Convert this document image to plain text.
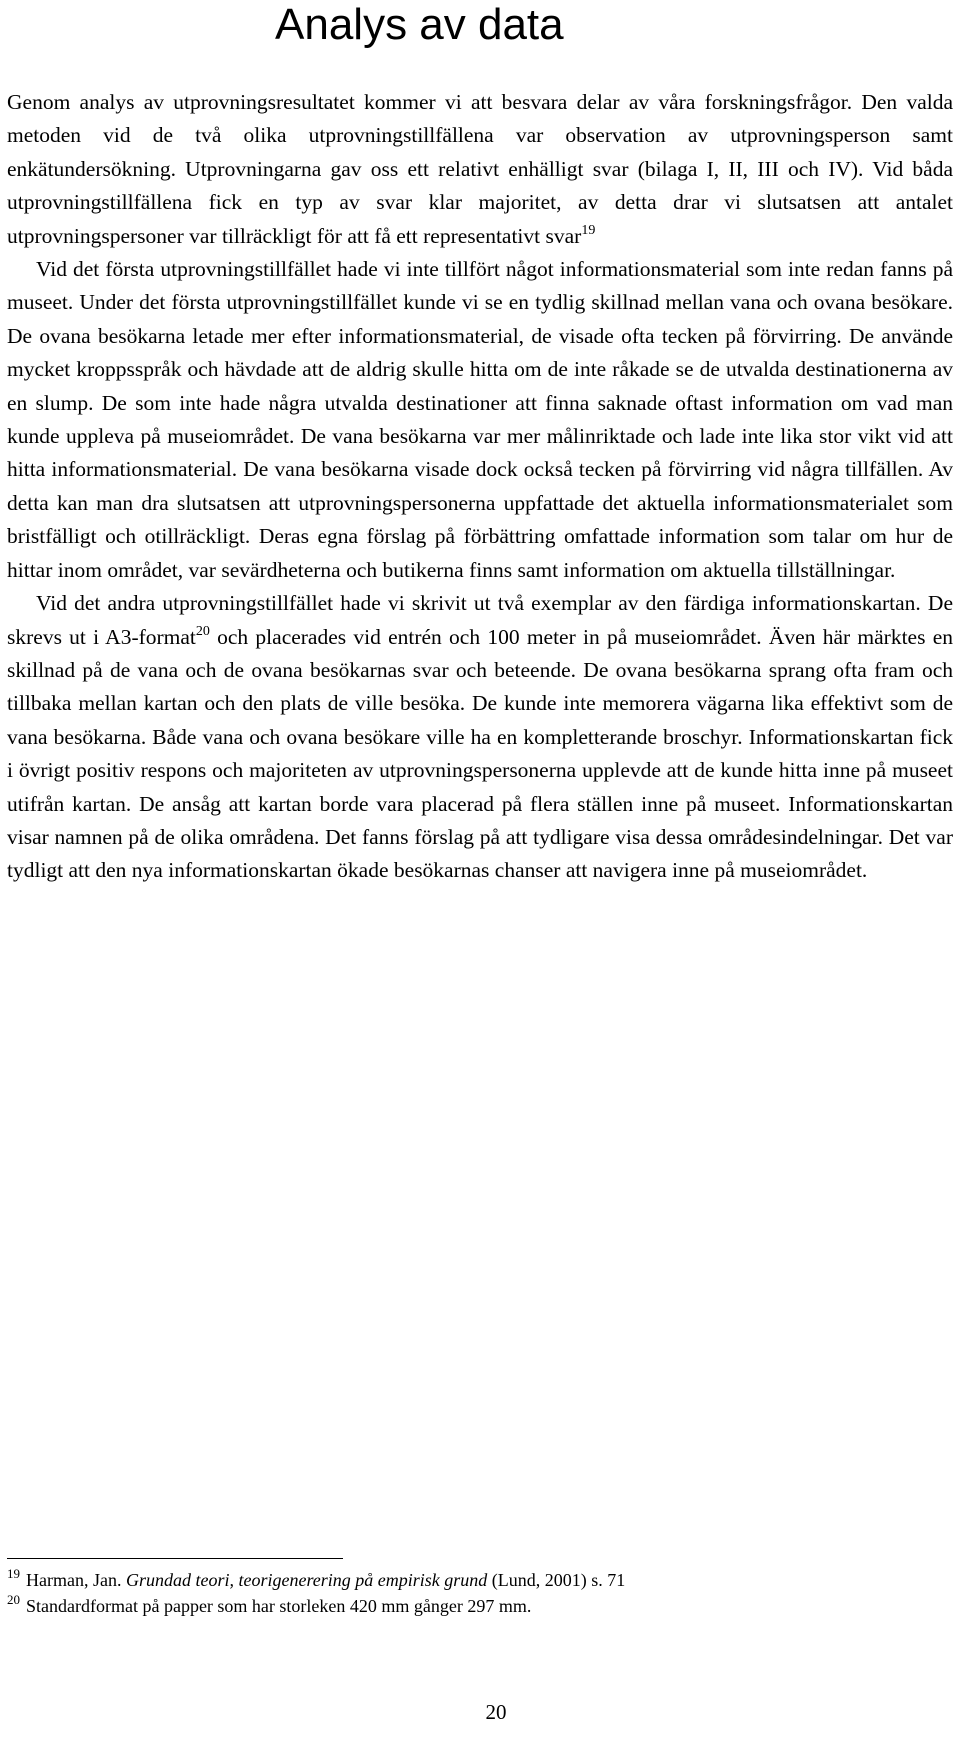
Analys av data

Genom analys av utprovningsresultatet kommer vi att besvara delar av våra forskningsfrågor. Den valda metoden vid de två olika utprovningstillfällena var observation av utprovningsperson samt enkätundersökning. Utprovningarna gav oss ett relativt enhälligt svar (bilaga I, II, III och IV). Vid båda utprovningstillfällena fick en typ av svar klar majoritet, av detta drar vi slutsatsen att antalet utprovningspersoner var tillräckligt för att få ett representativt svar$^{19}$

Vid det första utprovningstillfället hade vi inte tillfört något informationsmaterial som inte redan fanns på museet. Under det första utprovningstillfället kunde vi se en tydlig skillnad mellan vana och ovana besökare. De ovana besökarna letade mer efter informationsmaterial, de visade ofta tecken på förvirring. De använde mycket kroppsspråk och hävdade att de aldrig skulle hitta om de inte råkade se de utvalda destinationerna av en slump. De som inte hade några utvalda destinationer att finna saknade oftast information om vad man kunde uppleva på museiområdet. De vana besökarna var mer målinriktade och lade inte lika stor vikt vid att hitta informationsmaterial. De vana besökarna visade dock också tecken på förvirring vid några tillfällen. Av detta kan man dra slutsatsen att utprovningspersonerna uppfattade det aktuella informationsmaterialet som bristfälligt och otillräckligt. Deras egna förslag på förbättring omfattade information som talar om hur de hittar inom området, var sevärdheterna och butikerna finns samt information om aktuella tillställningar.

Vid det andra utprovningstillfället hade vi skrivit ut två exemplar av den färdiga informationskartan. De skrevs ut i A3-format$^{20}$ och placerades vid entrén och 100 meter in på museiområdet. Även här märktes en skillnad på de vana och de ovana besökarnas svar och beteende. De ovana besökarna sprang ofta fram och tillbaka mellan kartan och den plats de ville besöka. De kunde inte memorera vägarna lika effektivt som de vana besökarna. Både vana och ovana besökare ville ha en kompletterande broschyr. Informationskartan fick i övrigt positiv respons och majoriteten av utprovningspersonerna upplevde att de kunde hitta inne på museet utifrån kartan. De ansåg att kartan borde vara placerad på flera ställen inne på museet. Informationskartan visar namnen på de olika områdena. Det fanns förslag på att tydligare visa dessa områdesindelningar. Det var tydligt att den nya informationskartan ökade besökarnas chanser att navigera inne på museiområdet.

$^{19}$ Harman, Jan. Grundad teori, teorigenerering på empirisk grund (Lund, 2001) s. 71

$^{20}$ Standardformat på papper som har storleken 420 mm gånger 297 mm.

20
